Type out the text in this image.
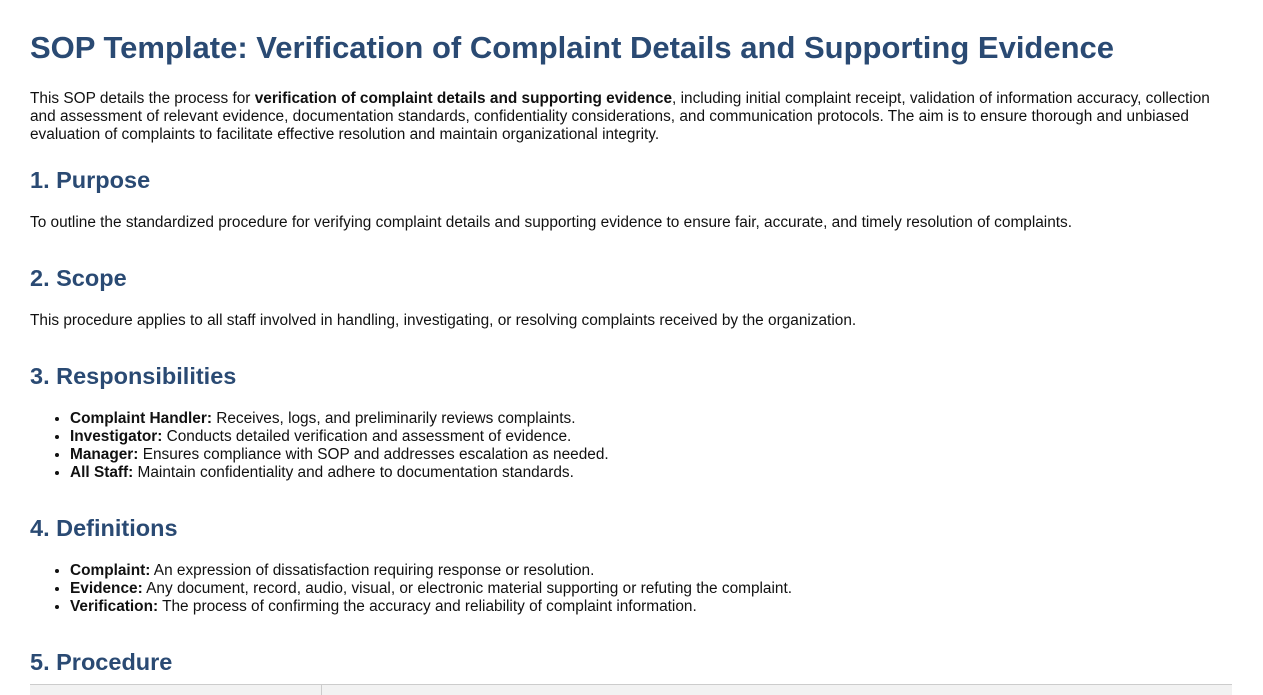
SOP Template: Verification of Complaint Details and Supporting Evidence

This SOP details the process for verification of complaint details and supporting evidence, including initial complaint receipt, validation of information accuracy, collection and assessment of relevant evidence, documentation standards, confidentiality considerations, and communication protocols. The aim is to ensure thorough and unbiased evaluation of complaints to facilitate effective resolution and maintain organizational integrity.

1. Purpose

To outline the standardized procedure for verifying complaint details and supporting evidence to ensure fair, accurate, and timely resolution of complaints.

2. Scope

This procedure applies to all staff involved in handling, investigating, or resolving complaints received by the organization.

3. Responsibilities
• Complaint Handler: Receives, logs, and preliminarily reviews complaints.
• Investigator: Conducts detailed verification and assessment of evidence.
• Manager: Ensures compliance with SOP and addresses escalation as needed.
• All Staff: Maintain confidentiality and adhere to documentation standards.
4. Definitions
• Complaint: An expression of dissatisfaction requiring response or resolution.
• Evidence: Any document, record, audio, visual, or electronic material supporting or refuting the complaint.
• Verification: The process of confirming the accuracy and reliability of complaint information.
5. Procedure
